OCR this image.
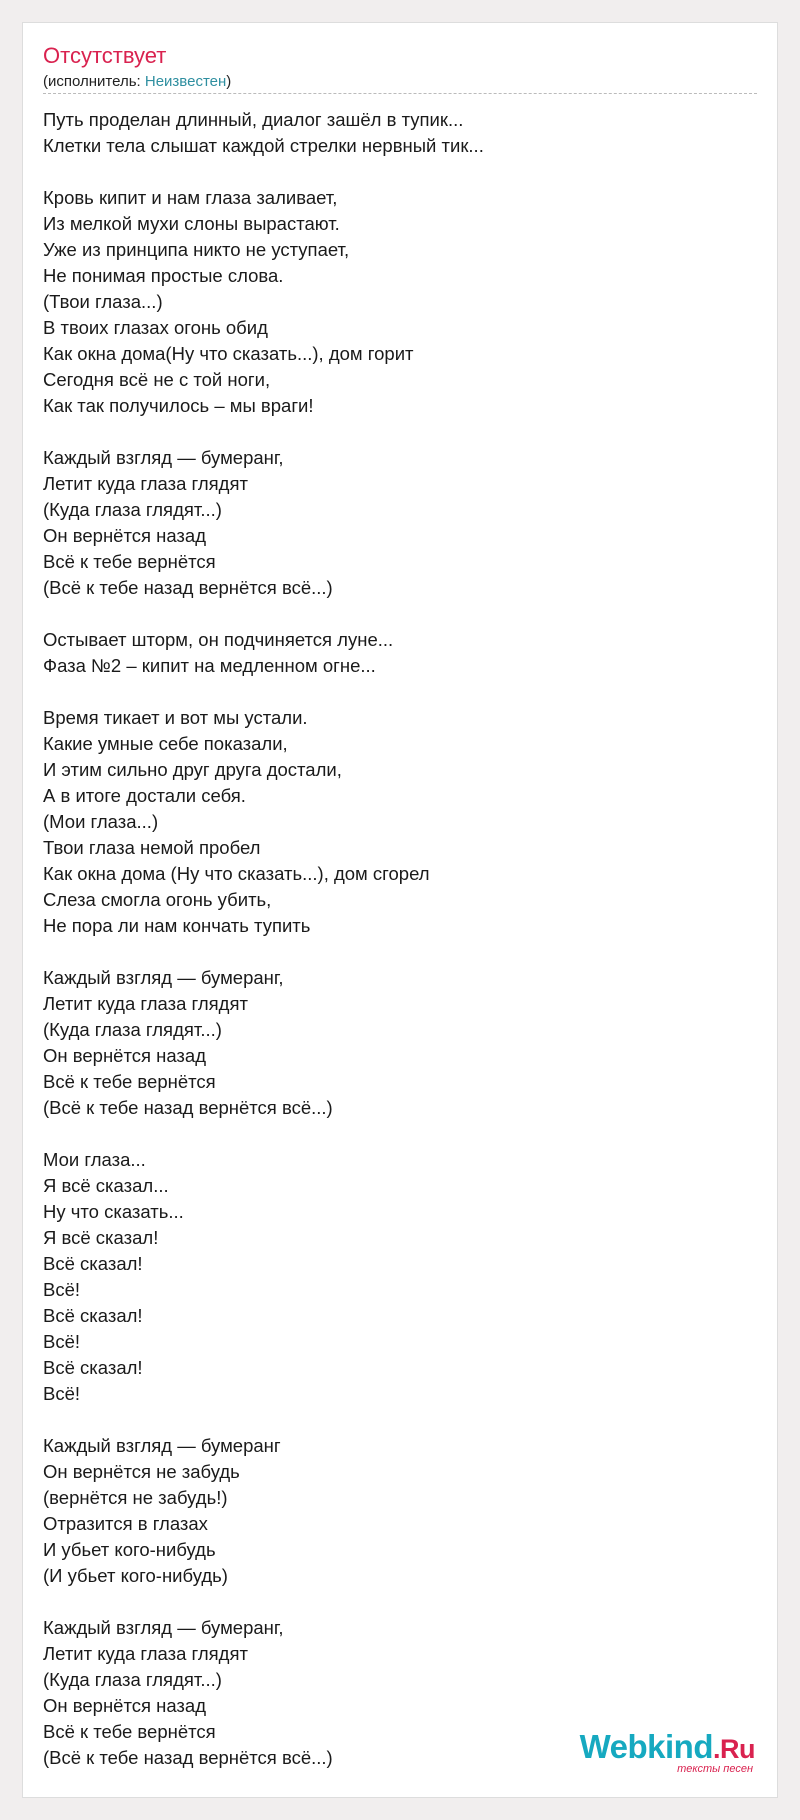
Отсутствует
(исполнитель: Неизвестен)
Путь проделан длинный, диалог зашёл в тупик...
Клетки тела слышат каждой стрелки нервный тик...
Кровь кипит и нам глаза заливает,
Из мелкой мухи слоны вырастают.
Уже из принципа никто не уступает,
Не понимая простые слова.
(Твои глаза...)
В твоих глазах огонь обид
Как окна дома(Ну что сказать...), дом горит
Сегодня всё не с той ноги,
Как так получилось – мы враги!
Каждый взгляд — бумеранг,
Летит куда глаза глядят
(Куда глаза глядят...)
Он вернётся назад
Всё к тебе вернётся
(Всё к тебе назад вернётся всё...)
Остывает шторм, он подчиняется луне...
Фаза №2 – кипит на медленном огне...
Время тикает и вот мы устали.
Какие умные себе показали,
И этим сильно друг друга достали,
А в итоге достали себя.
(Мои глаза...)
Твои глаза немой пробел
Как окна дома (Ну что сказать...), дом сгорел
Слеза смогла огонь убить,
Не пора ли нам кончать тупить
Каждый взгляд — бумеранг,
Летит куда глаза глядят
(Куда глаза глядят...)
Он вернётся назад
Всё к тебе вернётся
(Всё к тебе назад вернётся всё...)
Мои глаза...
Я всё сказал...
Ну что сказать...
Я всё сказал!
Всё сказал!
Всё!
Всё сказал!
Всё!
Всё сказал!
Всё!
Каждый взгляд — бумеранг
Он вернётся не забудь
(вернётся не забудь!)
Отразится в глазах
И убьет кого-нибудь
(И убьет кого-нибудь)
Каждый взгляд — бумеранг,
Летит куда глаза глядят
(Куда глаза глядят...)
Он вернётся назад
Всё к тебе вернётся
(Всё к тебе назад вернётся всё...)	Webkind.Ru
тексты песен
